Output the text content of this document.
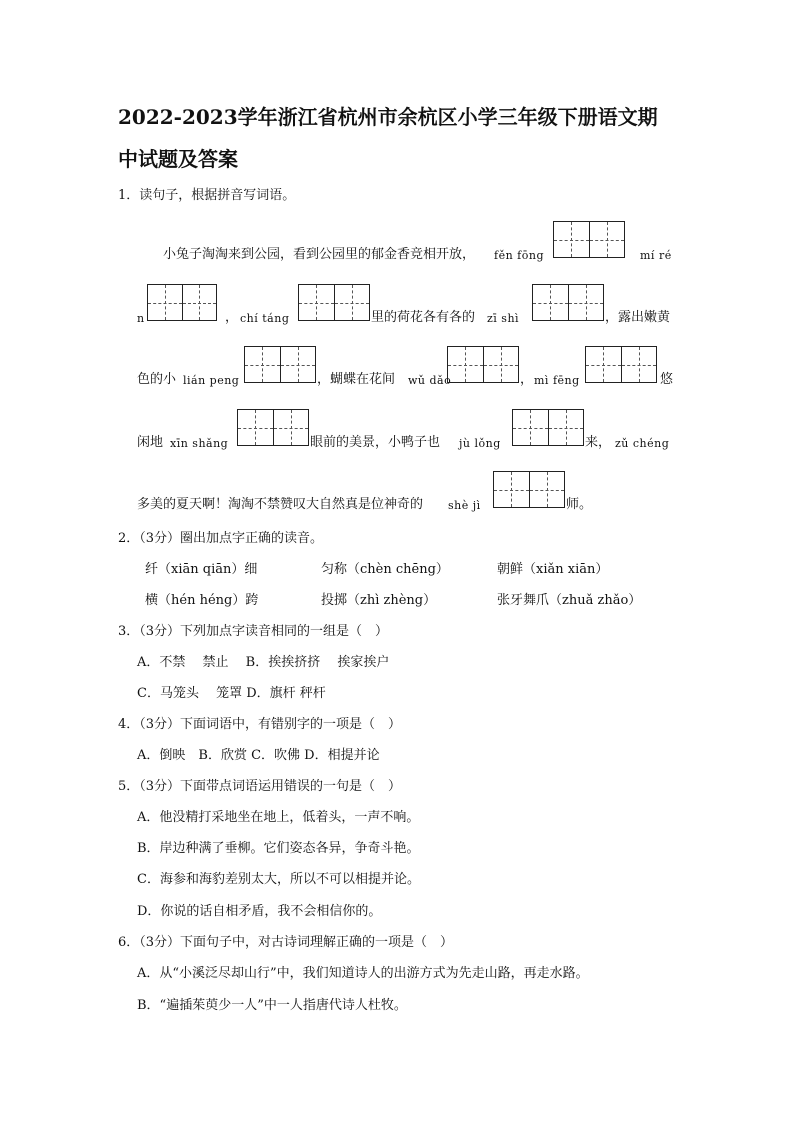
2022-2023学年浙江省杭州市余杭区小学三年级下册语文期
中试题及答案
1．读句子，根据拼音写词语。
小兔子淘淘来到公园，看到公园里的郁金香竞相开放， fěn fōng	mí ré
n	， chí táng	里的荷花各有各的 zī shì	，露出嫩黄
色的小 lián peng	，蝴蝶在花间 wǔ dǎo	， mì fēng	悠
闲地 xīn shǎng	眼前的美景，小鸭子也 jù lǒng	来， zǔ chéng
多美的夏天啊！淘淘不禁赞叹大自然真是位神奇的 shè jì	师。
2．（3分）圈出加点字正确的读音。
纤（xiān qiān）细	匀称（chèn chēng）	朝鲜（xiǎn xiān）
横（hén héng）跨	投掷（zhì zhèng）	张牙舞爪（zhuǎ zhǎo）
3．（3分）下列加点字读音相同的一组是（　）
A．不禁　 禁止　 B．挨挨挤挤　 挨家挨户
C．马笼头　 笼罩 D．旗杆 秤杆
4．（3分）下面词语中，有错别字的一项是（　）
A．倒映　B．欣赏 C．吹佛 D．相提并论
5．（3分）下面带点词语运用错误的一句是（　）
A．他没精打采地坐在地上，低着头，一声不响。
B．岸边种满了垂柳。它们姿态各异，争奇斗艳。
C．海参和海豹差别太大，所以不可以相提并论。
D．你说的话自相矛盾，我不会相信你的。
6．（3分）下面句子中，对古诗词理解正确的一项是（　）
A．从“小溪泛尽却山行”中，我们知道诗人的出游方式为先走山路，再走水路。
B．“遍插茱萸少一人”中一人指唐代诗人杜牧。
